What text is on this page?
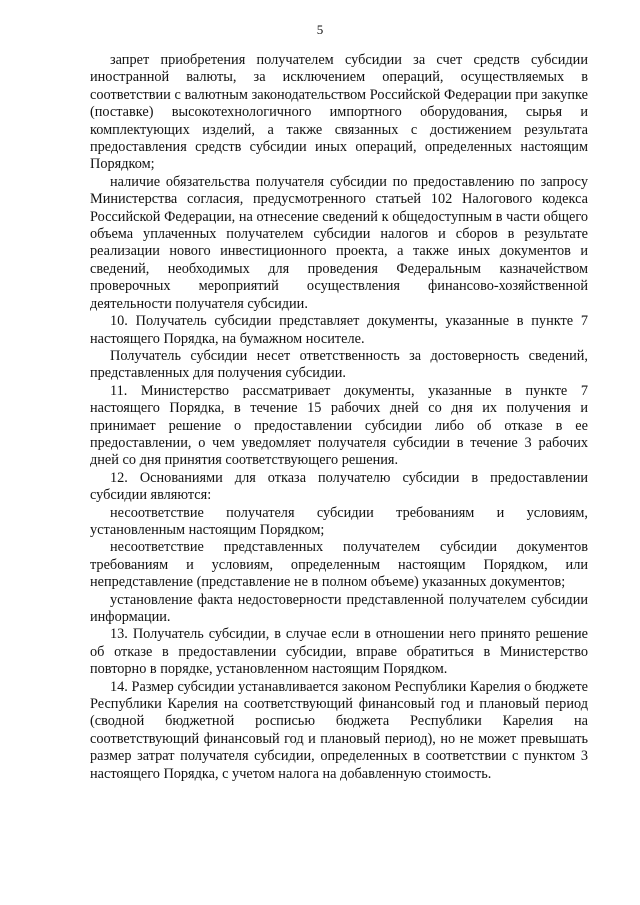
5

запрет приобретения получателем субсидии за счет средств субсидии иностранной валюты, за исключением операций, осуществляемых в соответствии с валютным законодательством Российской Федерации при закупке (поставке) высокотехнологичного импортного оборудования, сырья и комплектующих изделий, а также связанных с достижением результата предоставления средств субсидии иных операций, определенных настоящим Порядком;

наличие обязательства получателя субсидии по предоставлению по запросу Министерства согласия, предусмотренного статьей 102 Налогового кодекса Российской Федерации, на отнесение сведений к общедоступным в части общего объема уплаченных получателем субсидии налогов и сборов в результате реализации нового инвестиционного проекта, а также иных документов и сведений, необходимых для проведения Федеральным казначейством проверочных мероприятий осуществления финансово-хозяйственной деятельности получателя субсидии.

10. Получатель субсидии представляет документы, указанные в пункте 7 настоящего Порядка, на бумажном носителе.

Получатель субсидии несет ответственность за достоверность сведений, представленных для получения субсидии.

11. Министерство рассматривает документы, указанные в пункте 7 настоящего Порядка, в течение 15 рабочих дней со дня их получения и принимает решение о предоставлении субсидии либо об отказе в ее предоставлении, о чем уведомляет получателя субсидии в течение 3 рабочих дней со дня принятия соответствующего решения.

12. Основаниями для отказа получателю субсидии в предоставлении субсидии являются:

несоответствие получателя субсидии требованиям и условиям, установленным настоящим Порядком;

несоответствие представленных получателем субсидии документов требованиям и условиям, определенным настоящим Порядком, или непредставление (представление не в полном объеме) указанных документов;

установление факта недостоверности представленной получателем субсидии информации.

13. Получатель субсидии, в случае если в отношении него принято решение об отказе в предоставлении субсидии, вправе обратиться в Министерство повторно в порядке, установленном настоящим Порядком.

14. Размер субсидии устанавливается законом Республики Карелия о бюджете Республики Карелия на соответствующий финансовый год и плановый период (сводной бюджетной росписью бюджета Республики Карелия на соответствующий финансовый год и плановый период), но не может превышать размер затрат получателя субсидии, определенных в соответствии с пунктом 3 настоящего Порядка, с учетом налога на добавленную стоимость.
